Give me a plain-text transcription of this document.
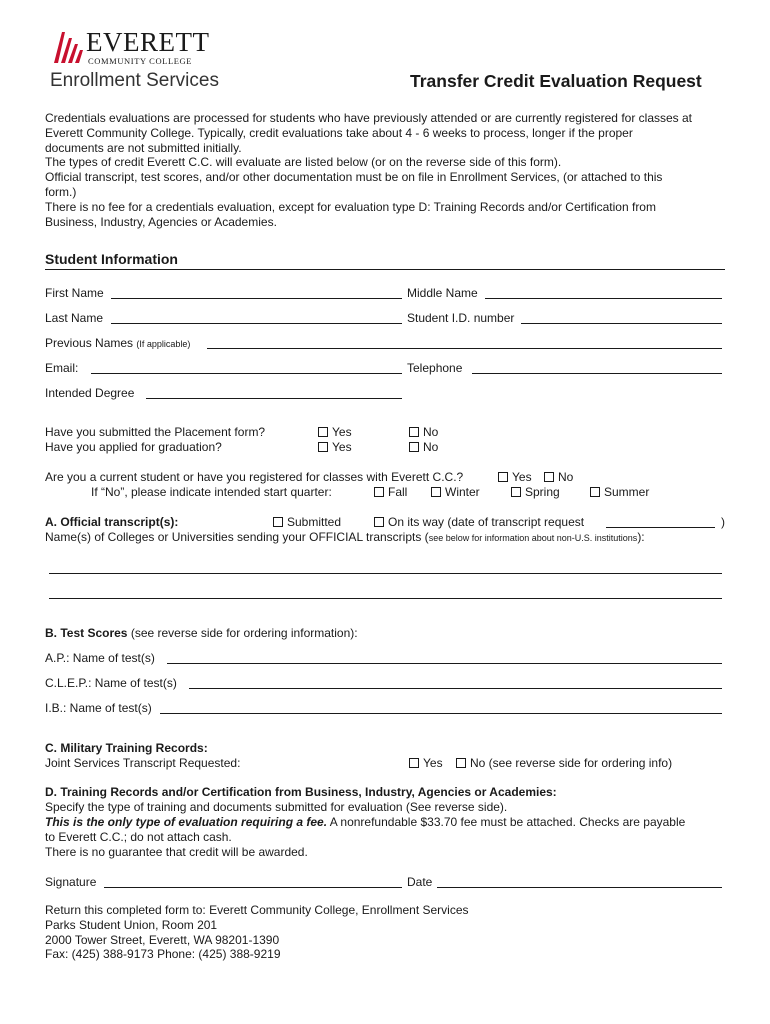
EVERETT
COMMUNITY COLLEGE
Enrollment Services	Transfer Credit Evaluation Request
Credentials evaluations are processed for students who have previously attended or are currently registered for classes at
Everett Community College. Typically, credit evaluations take about 4 - 6 weeks to process, longer if the proper
documents are not submitted initially.
The types of credit Everett C.C. will evaluate are listed below (or on the reverse side of this form).
Official transcript, test scores, and/or other documentation must be on file in Enrollment Services, (or attached to this
form.)
There is no fee for a credentials evaluation, except for evaluation type D: Training Records and/or Certification from
Business, Industry, Agencies or Academies.
Student Information
First Name	Middle Name
Last Name	Student I.D. number
Previous Names (If applicable)
Email:	Telephone
Intended Degree
Have you submitted the Placement form?	Yes	No
Have you applied for graduation?	Yes	No
Are you a current student or have you registered for classes with Everett C.C.?	Yes	No
If “No”, please indicate intended start quarter:	Fall	Winter	Spring	Summer
A. Official transcript(s):	Submitted	On its way (date of transcript request	)
Name(s) of Colleges or Universities sending your OFFICIAL transcripts (see below for information about non-U.S. institutions):
B. Test Scores (see reverse side for ordering information):
A.P.: Name of test(s)
C.L.E.P.: Name of test(s)
I.B.: Name of test(s)
C. Military Training Records:
Joint Services Transcript Requested:	Yes	No (see reverse side for ordering info)
D. Training Records and/or Certification from Business, Industry, Agencies or Academies:
Specify the type of training and documents submitted for evaluation (See reverse side).
This is the only type of evaluation requiring a fee. A nonrefundable $33.70 fee must be attached. Checks are payable
to Everett C.C.; do not attach cash.
There is no guarantee that credit will be awarded.
Signature	Date
Return this completed form to: Everett Community College, Enrollment Services
Parks Student Union, Room 201
2000 Tower Street, Everett, WA 98201-1390
Fax: (425) 388-9173 Phone: (425) 388-9219
